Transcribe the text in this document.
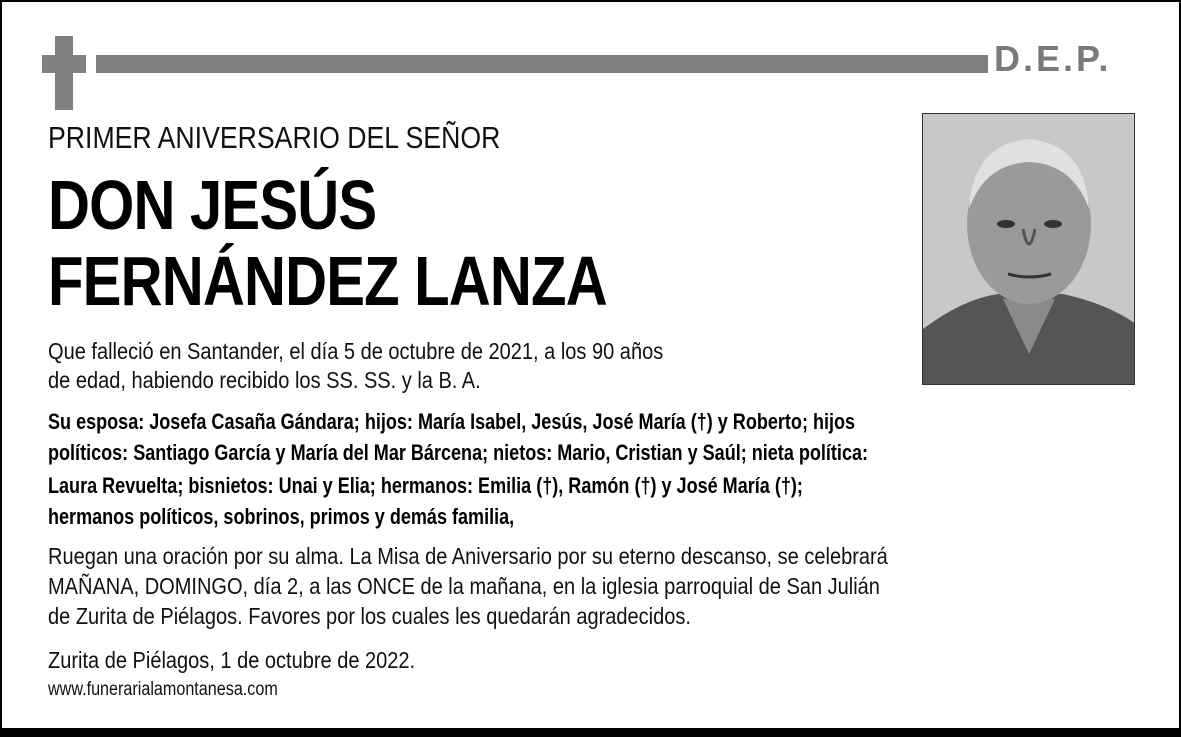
D.E.P.
PRIMER ANIVERSARIO DEL SEÑOR
DON JESÚS
FERNÁNDEZ LANZA
Que falleció en Santander, el día 5 de octubre de 2021, a los 90 años
de edad, habiendo recibido los SS. SS. y la B. A.
Su esposa: Josefa Casaña Gándara; hijos: María Isabel, Jesús, José María (†) y Roberto; hijos
políticos: Santiago García y María del Mar Bárcena; nietos: Mario, Cristian y Saúl; nieta política:
Laura Revuelta; bisnietos: Unai y Elia; hermanos: Emilia (†), Ramón (†) y José María (†);
hermanos políticos, sobrinos, primos y demás familia,
Ruegan una oración por su alma. La Misa de Aniversario por su eterno descanso, se celebrará
MAÑANA, DOMINGO, día 2, a las ONCE de la mañana, en la iglesia parroquial de San Julián
de Zurita de Piélagos. Favores por los cuales les quedarán agradecidos.
Zurita de Piélagos, 1 de octubre de 2022.
www.funerarialamontanesa.com
